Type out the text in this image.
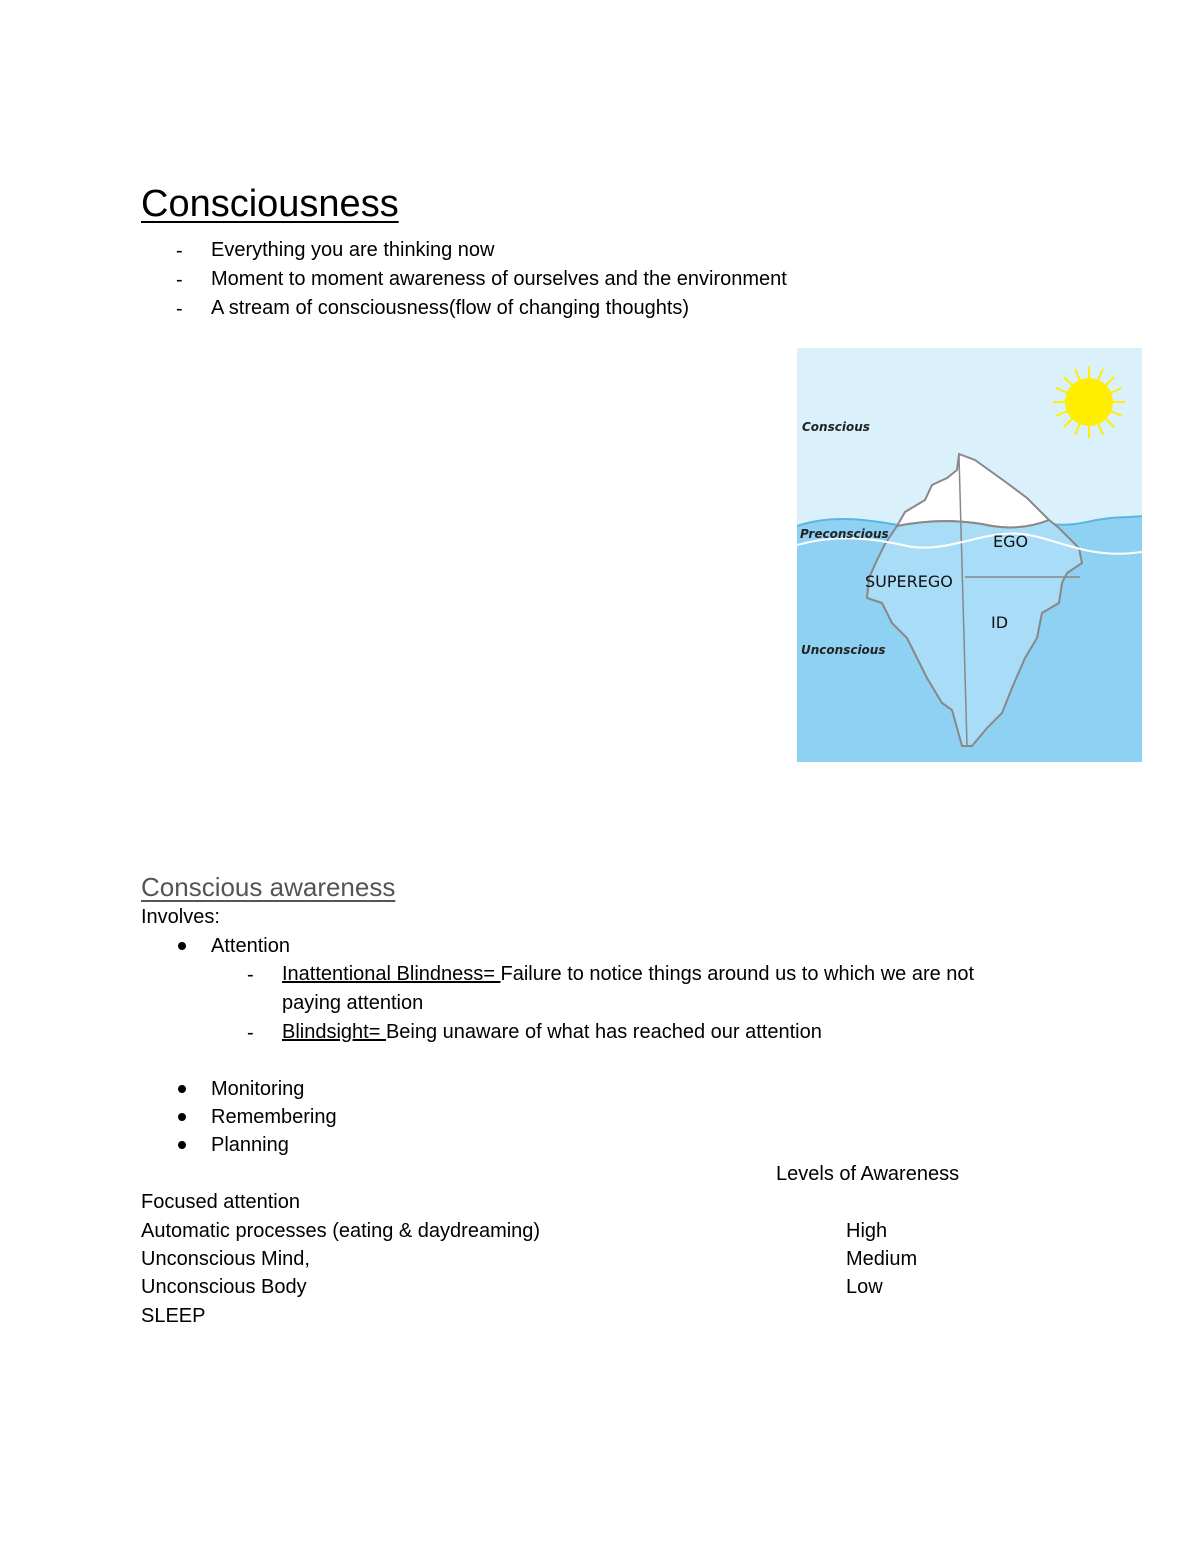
Consciousness
- Everything you are thinking now
- Moment to moment awareness of ourselves and the environment
- A stream of consciousness(flow of changing thoughts)
Conscious
Preconscious
Unconscious
EGO
SUPEREGO
ID
Conscious awareness
Involves:
Attention
- Inattentional Blindness= Failure to notice things around us to which we are not
paying attention
- Blindsight= Being unaware of what has reached our attention
Monitoring
Remembering
Planning
Levels of Awareness
Focused attention
Automatic processes (eating & daydreaming)	High
Unconscious Mind,	Medium
Unconscious Body	Low
SLEEP
